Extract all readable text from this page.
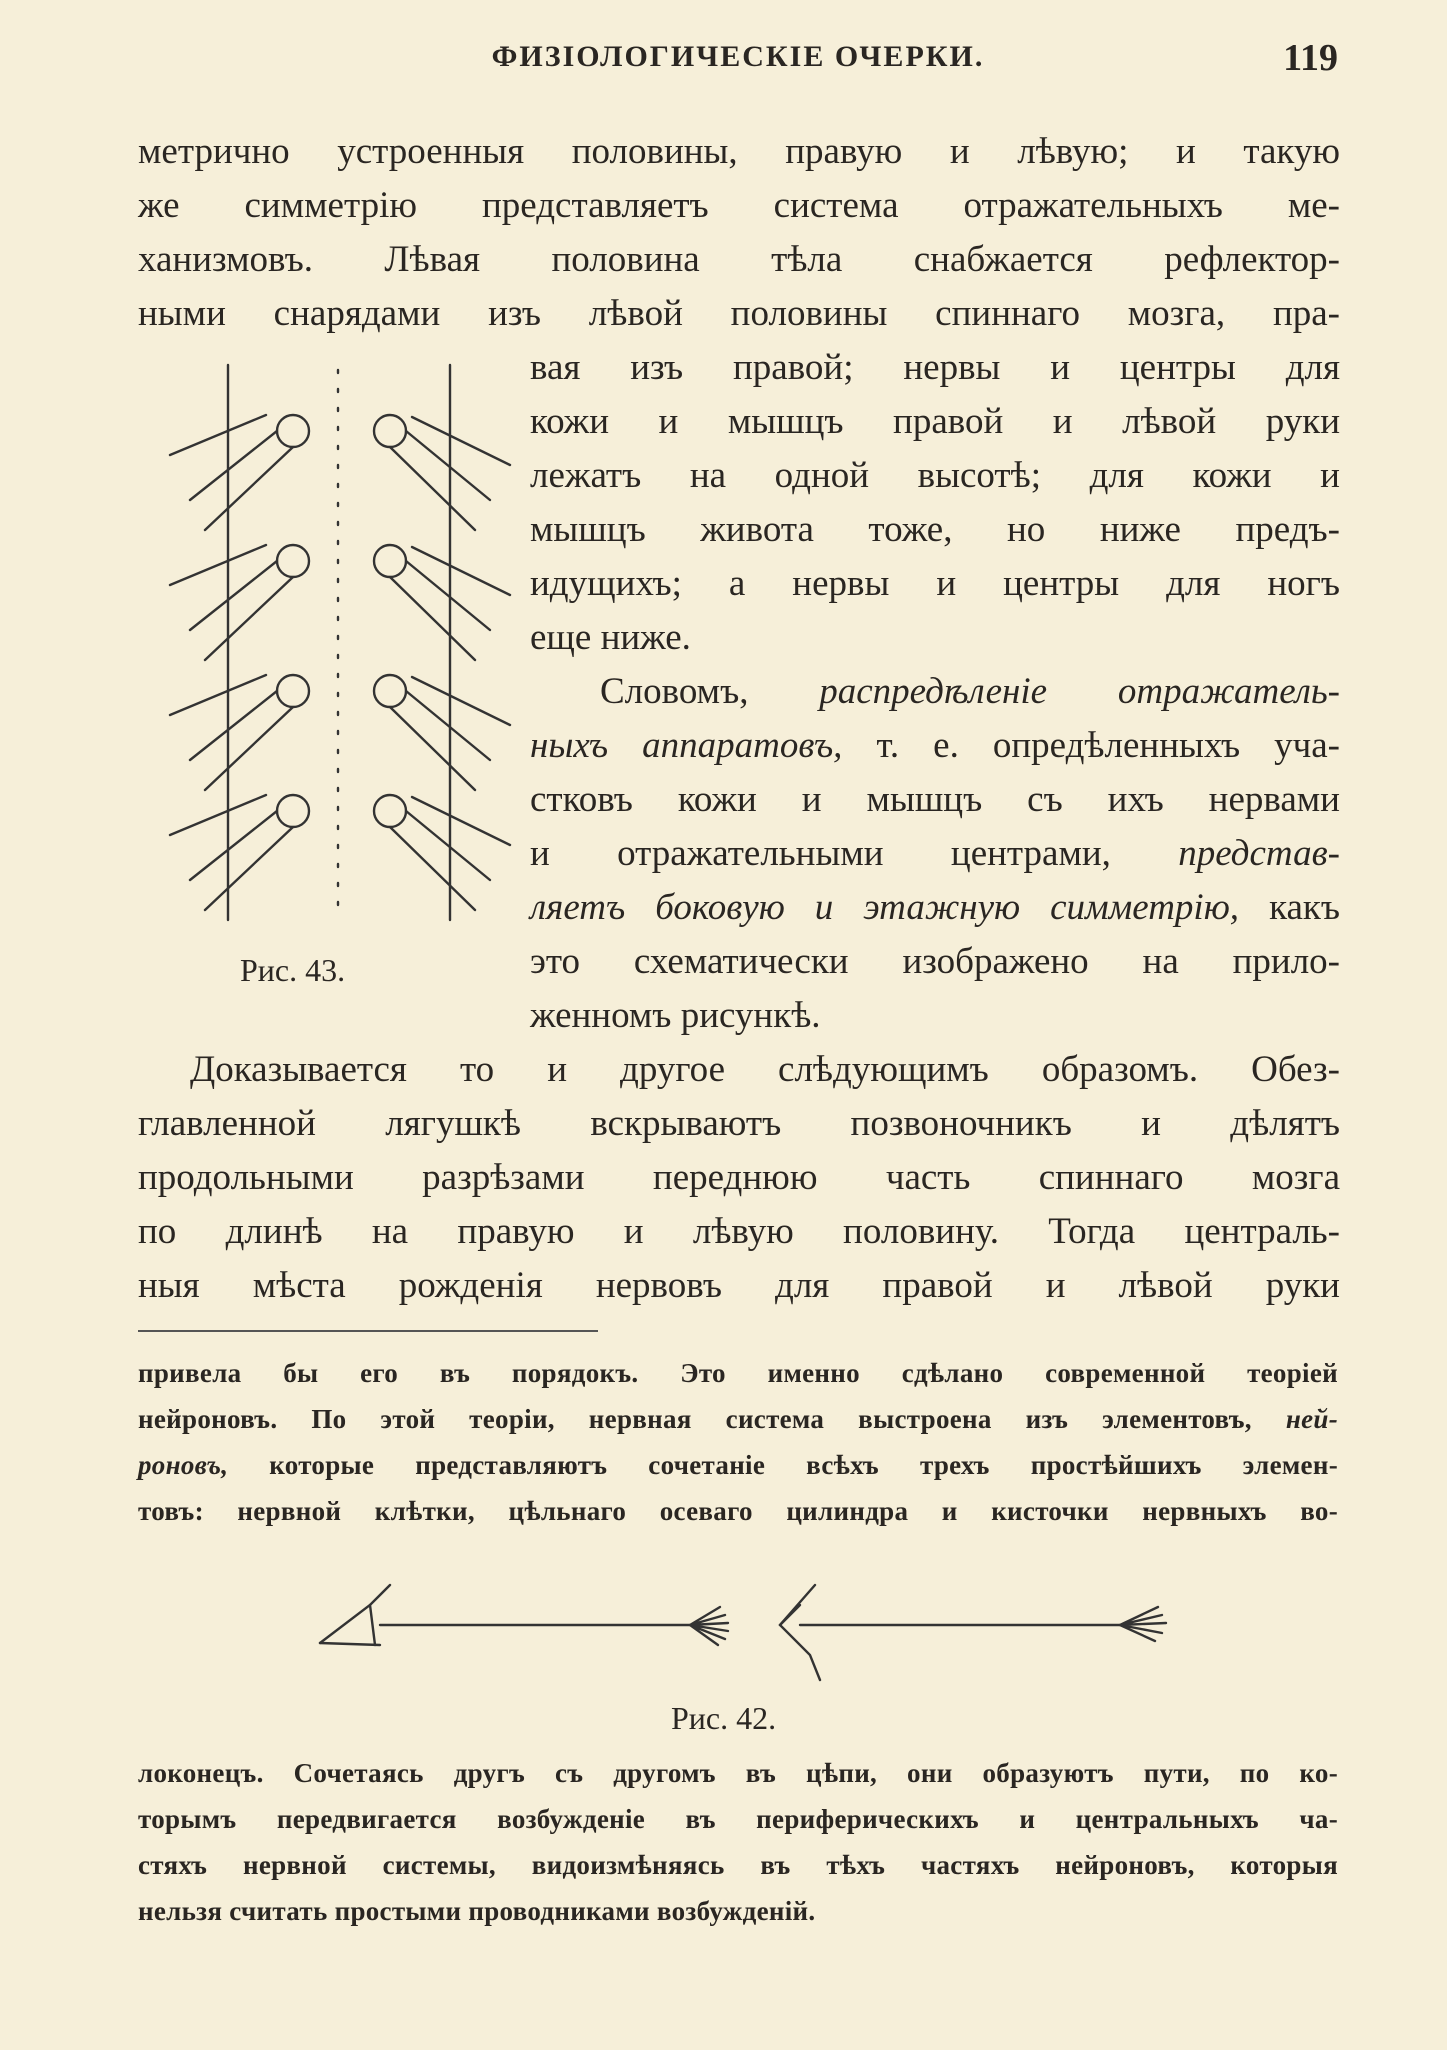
ФИЗІОЛОГИЧЕСКІЕ ОЧЕРКИ.	119
метрично устроенныя половины, правую и лѣвую; и такую
же симметрію представляетъ система отражательныхъ ме-
ханизмовъ. Лѣвая половина тѣла снабжается рефлектор-
ными снарядами изъ лѣвой половины спиннаго мозга, пра-
вая изъ правой; нервы и центры для
кожи и мышцъ правой и лѣвой руки
лежатъ на одной высотѣ; для кожи и
мышцъ живота тоже, но ниже предъ-
идущихъ; а нервы и центры для ногъ
еще ниже.
Словомъ, распредѣленіе отражатель-
ныхъ аппаратовъ, т. е. опредѣленныхъ уча-
стковъ кожи и мышцъ съ ихъ нервами
и отражательными центрами, представ-
ляетъ боковую и этажную симметрію, какъ
это схематически изображено на прило-
женномъ рисункѣ.
Доказывается то и другое слѣдующимъ образомъ. Обез-
главленной лягушкѣ вскрываютъ позвоночникъ и дѣлятъ
продольными разрѣзами переднюю часть спиннаго мозга
по длинѣ на правую и лѣвую половину. Тогда централь-
ныя мѣста рожденія нервовъ для правой и лѣвой руки
Рис. 43.
привела бы его въ порядокъ. Это именно сдѣлано современной теоріей
нейроновъ. По этой теоріи, нервная система выстроена изъ элементовъ, ней-
роновъ, которые представляютъ сочетаніе всѣхъ трехъ простѣйшихъ элемен-
товъ: нервной клѣтки, цѣльнаго осеваго цилиндра и кисточки нервныхъ во-
Рис. 42.
локонецъ. Сочетаясь другъ съ другомъ въ цѣпи, они образуютъ пути, по ко-
торымъ передвигается возбужденіе въ периферическихъ и центральныхъ ча-
стяхъ нервной системы, видоизмѣняясь въ тѣхъ частяхъ нейроновъ, которыя
нельзя считать простыми проводниками возбужденій.
